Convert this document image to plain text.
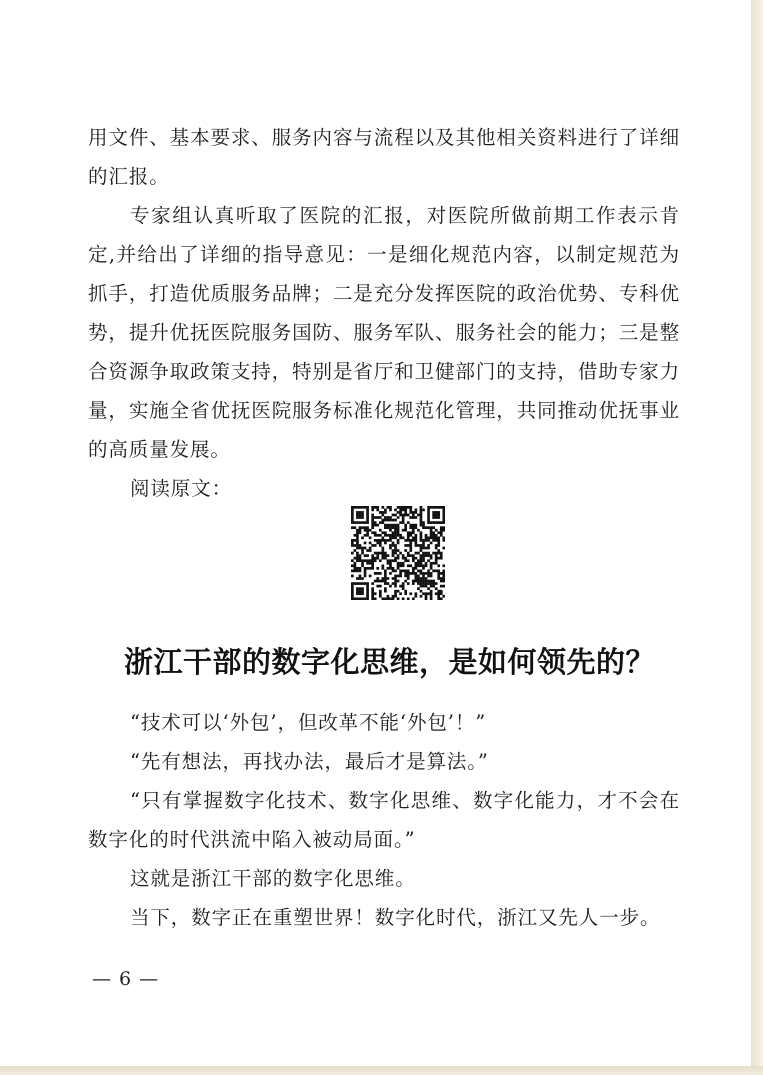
用文件、基本要求、服务内容与流程以及其他相关资料进行了详细的汇报。

专家组认真听取了医院的汇报，对医院所做前期工作表示肯定,并给出了详细的指导意见：一是细化规范内容，以制定规范为抓手，打造优质服务品牌；二是充分发挥医院的政治优势、专科优势，提升优抚医院服务国防、服务军队、服务社会的能力；三是整合资源争取政策支持，特别是省厅和卫健部门的支持，借助专家力量，实施全省优抚医院服务标准化规范化管理，共同推动优抚事业的高质量发展。

阅读原文：

浙江干部的数字化思维，是如何领先的？

“技术可以‘外包’，但改革不能‘外包’！”

“先有想法，再找办法，最后才是算法。”

“只有掌握数字化技术、数字化思维、数字化能力，才不会在数字化的时代洪流中陷入被动局面。”

这就是浙江干部的数字化思维。

当下，数字正在重塑世界！数字化时代，浙江又先人一步。

— 6 —
